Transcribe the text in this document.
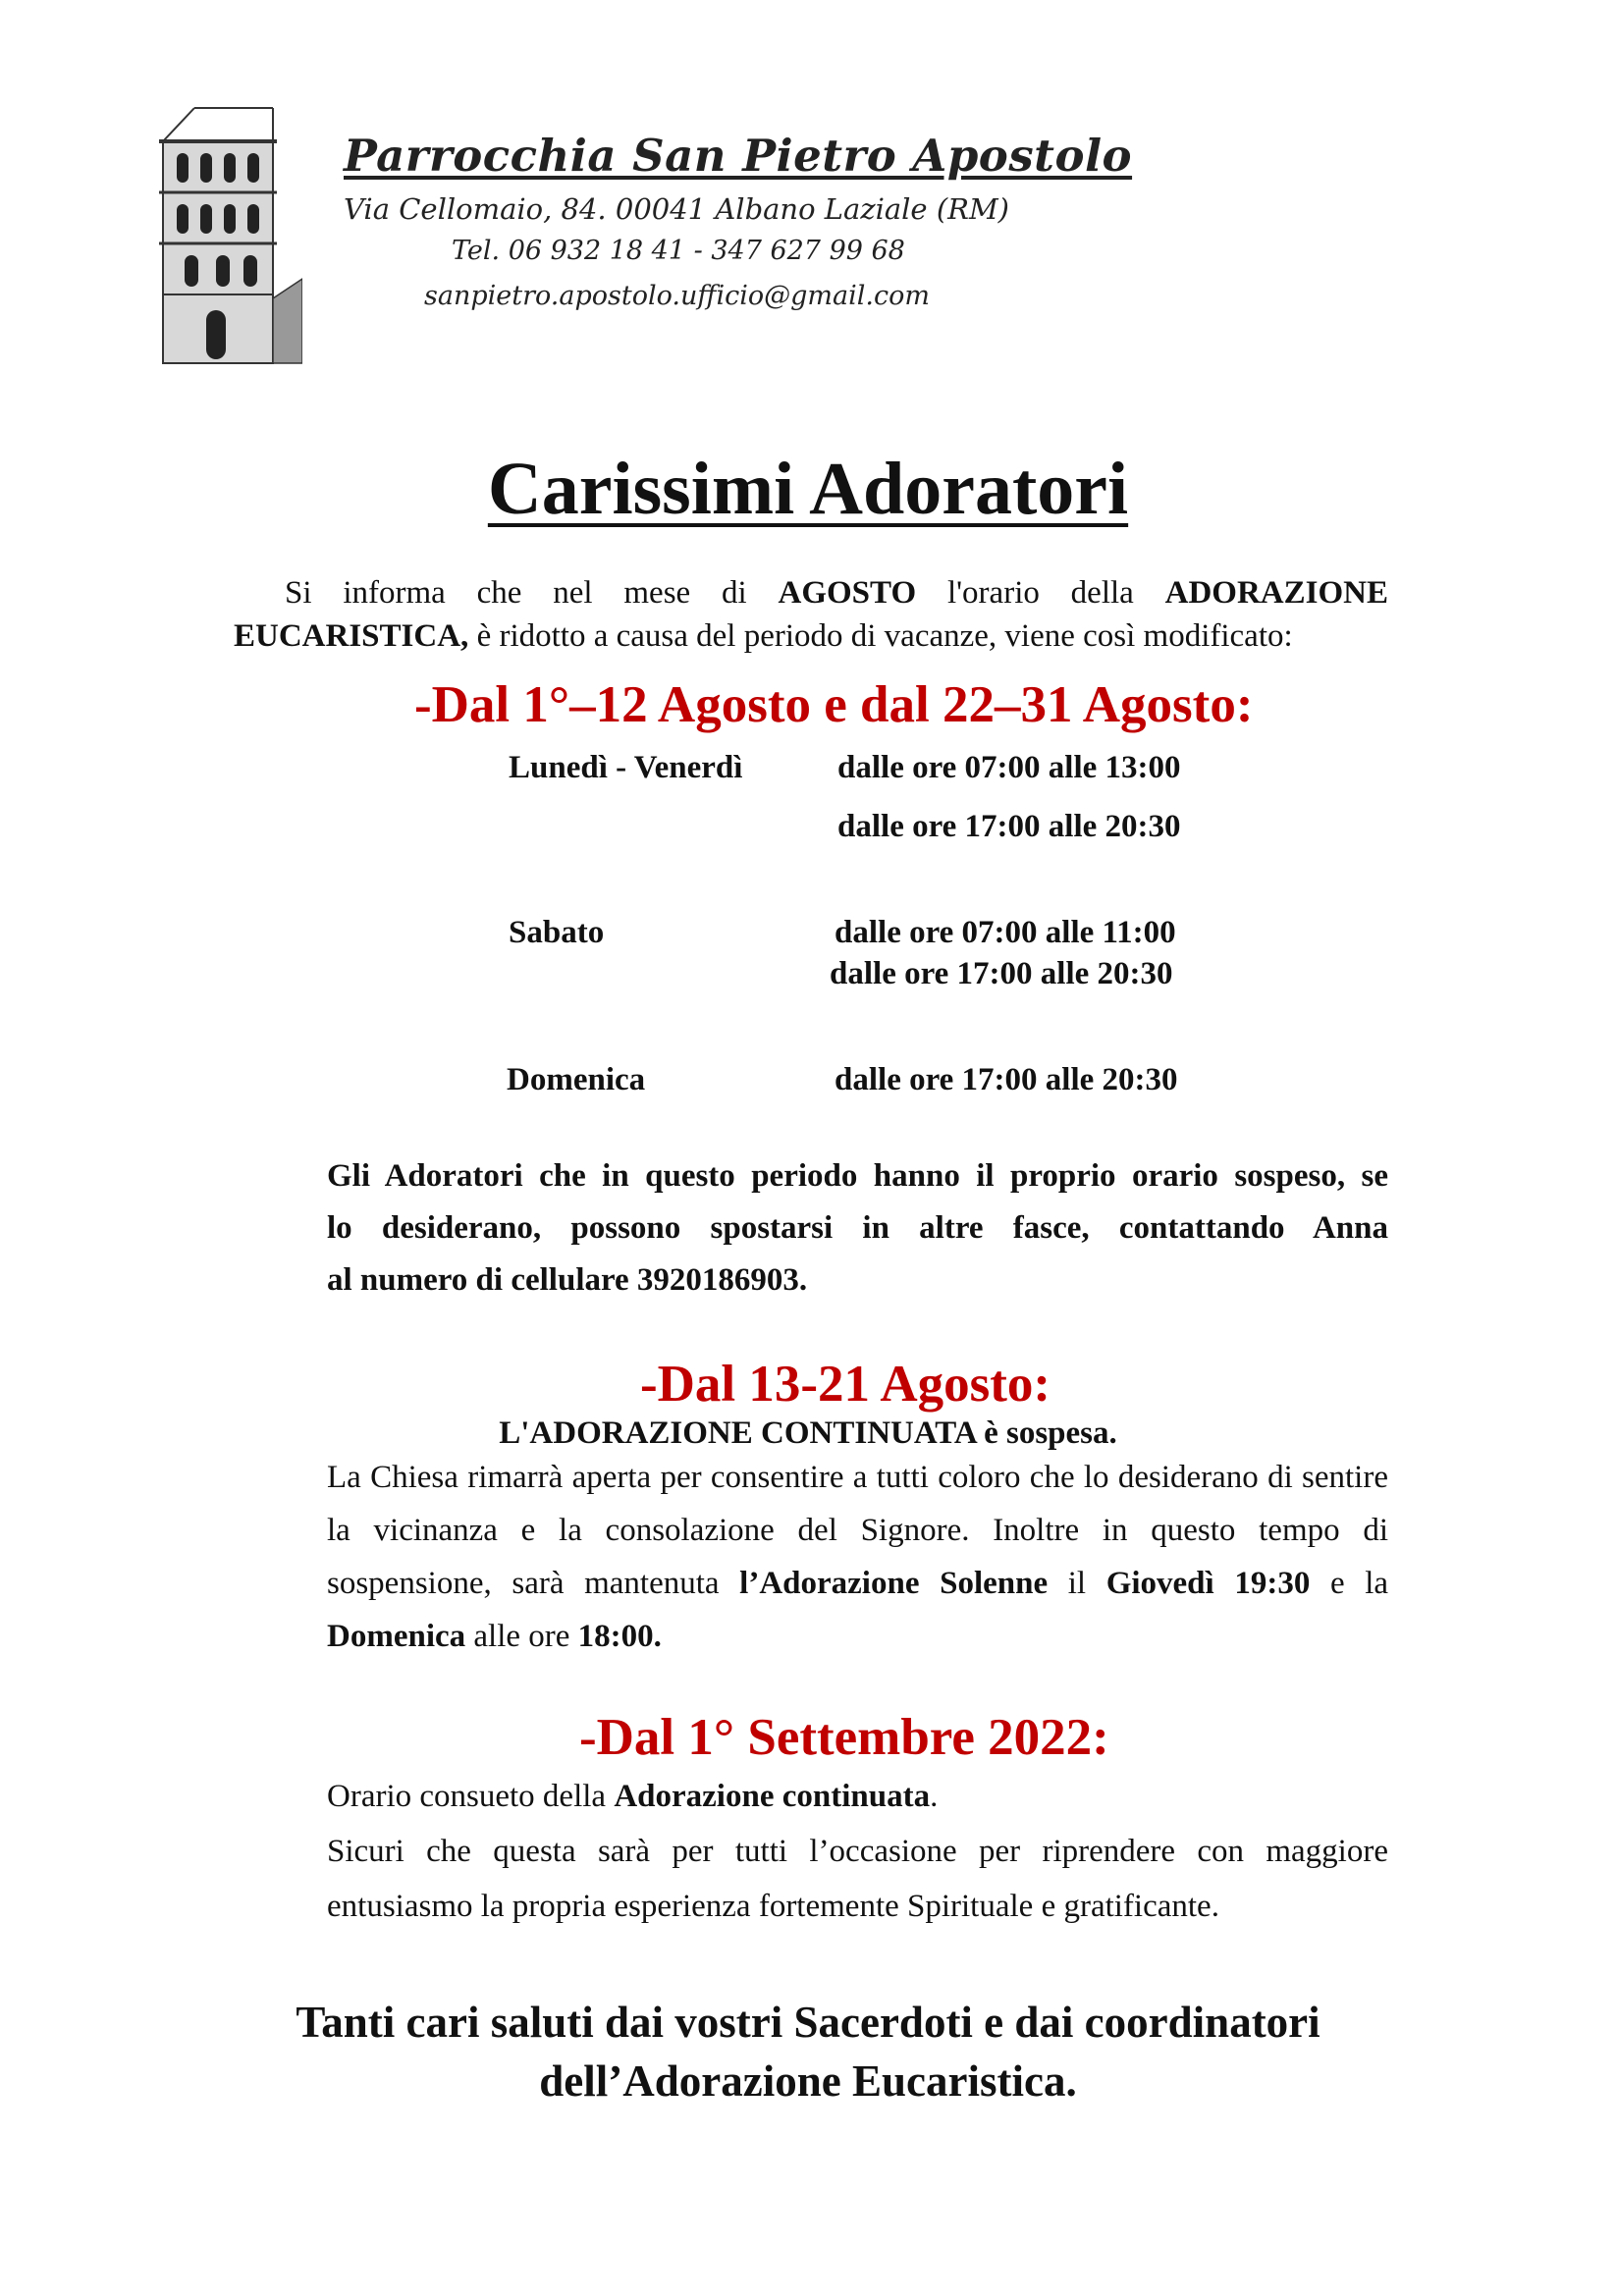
Parrocchia San Pietro Apostolo
Via Cellomaio, 84. 00041 Albano Laziale (RM)
Tel. 06 932 18 41 - 347 627 99 68
sanpietro.apostolo.ufficio@gmail.com
Carissimi Adoratori
Si informa che nel mese di AGOSTO l'orario della ADORAZIONE
EUCARISTICA, è ridotto a causa del periodo di vacanze, viene così modificato:
-Dal 1°–12 Agosto e dal 22–31 Agosto:
Lunedì - Venerdì	dalle ore 07:00 alle 13:00
dalle ore 17:00 alle 20:30
Sabato	dalle ore 07:00 alle 11:00
dalle ore 17:00 alle 20:30
Domenica	dalle ore 17:00 alle 20:30
Gli Adoratori che in questo periodo hanno il proprio orario sospeso, se
lo desiderano, possono spostarsi in altre fasce, contattando Anna
al numero di cellulare 3920186903.
-Dal 13-21 Agosto:
L'ADORAZIONE CONTINUATA è sospesa.
La Chiesa rimarrà aperta per consentire a tutti coloro che lo desiderano di sentire la vicinanza e la consolazione del Signore. Inoltre in questo tempo di sospensione, sarà mantenuta l’Adorazione Solenne il Giovedì 19:30 e la Domenica alle ore 18:00.
-Dal 1° Settembre 2022:
Orario consueto della Adorazione continuata.
Sicuri che questa sarà per tutti l’occasione per riprendere con maggiore
entusiasmo la propria esperienza fortemente Spirituale e gratificante.
Tanti cari saluti dai vostri Sacerdoti e dai coordinatori
dell’Adorazione Eucaristica.
